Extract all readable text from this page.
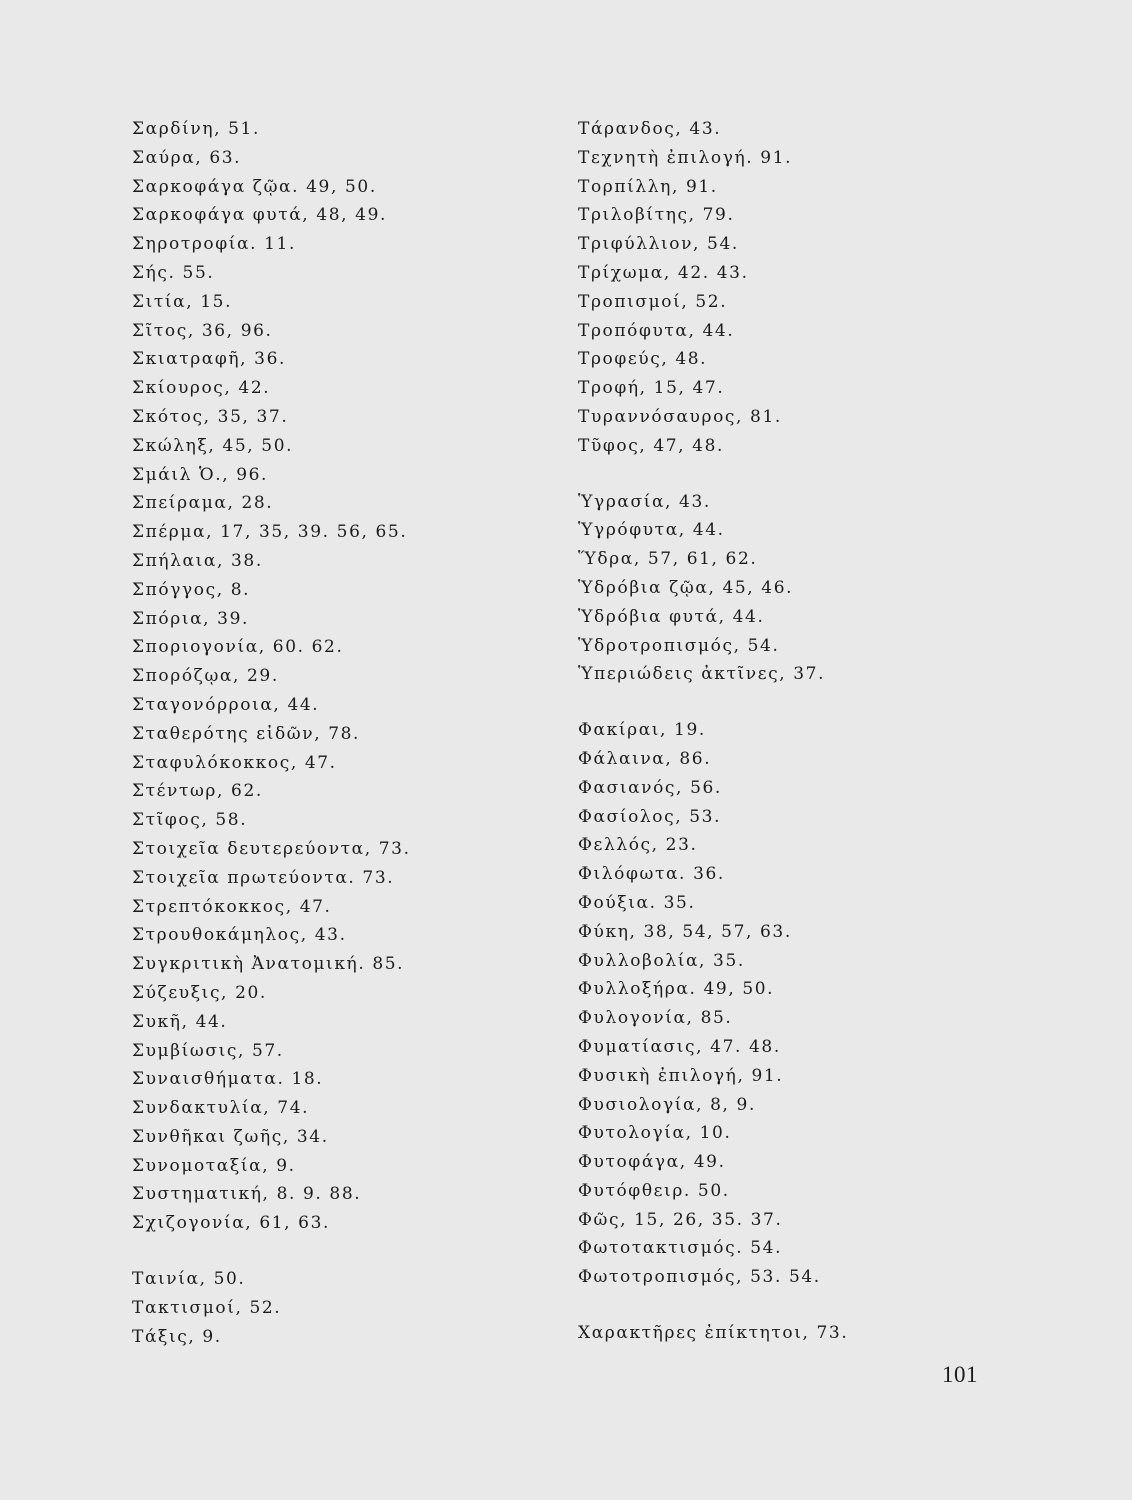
Σαρδίνη, 51.
Σαύρα, 63.
Σαρκοφάγα ζῷα. 49, 50.
Σαρκοφάγα φυτά, 48, 49.
Σηροτροφία. 11.
Σής. 55.
Σιτία, 15.
Σῖτος, 36, 96.
Σκιατραφῆ, 36.
Σκίουρος, 42.
Σκότος, 35, 37.
Σκώληξ, 45, 50.
Σμάιλ Ὁ., 96.
Σπείραμα, 28.
Σπέρμα, 17, 35, 39. 56, 65.
Σπήλαια, 38.
Σπόγγος, 8.
Σπόρια, 39.
Σποριογονία, 60. 62.
Σπορόζῳα, 29.
Σταγονόρροια, 44.
Σταθερότης εἰδῶν, 78.
Σταφυλόκοκκος, 47.
Στέντωρ, 62.
Στῖφος, 58.
Στοιχεῖα δευτερεύοντα, 73.
Στοιχεῖα πρωτεύοντα. 73.
Στρεπτόκοκκος, 47.
Στρουθοκάμηλος, 43.
Συγκριτικὴ Ἀνατομική. 85.
Σύζευξις, 20.
Συκῆ, 44.
Συμβίωσις, 57.
Συναισθήματα. 18.
Συνδακτυλία, 74.
Συνθῆκαι ζωῆς, 34.
Συνομοταξία, 9.
Συστηματική, 8. 9. 88.
Σχιζογονία, 61, 63.
Ταινία, 50.
Τακτισμοί, 52.
Τάξις, 9.
Τάρανδος, 43.
Τεχνητὴ ἐπιλογή. 91.
Τορπίλλη, 91.
Τριλοβίτης, 79.
Τριφύλλιον, 54.
Τρίχωμα, 42. 43.
Τροπισμοί, 52.
Τροπόφυτα, 44.
Τροφεύς, 48.
Τροφή, 15, 47.
Τυραννόσαυρος, 81.
Τῦφος, 47, 48.
Ὑγρασία, 43.
Ὑγρόφυτα, 44.
Ὕδρα, 57, 61, 62.
Ὑδρόβια ζῷα, 45, 46.
Ὑδρόβια φυτά, 44.
Ὑδροτροπισμός, 54.
Ὑπεριώδεις ἀκτῖνες, 37.
Φακίραι, 19.
Φάλαινα, 86.
Φασιανός, 56.
Φασίολος, 53.
Φελλός, 23.
Φιλόφωτα. 36.
Φούξια. 35.
Φύκη, 38, 54, 57, 63.
Φυλλοβολία, 35.
Φυλλοξήρα. 49, 50.
Φυλογονία, 85.
Φυματίασις, 47. 48.
Φυσικὴ ἐπιλογή, 91.
Φυσιολογία, 8, 9.
Φυτολογία, 10.
Φυτοφάγα, 49.
Φυτόφθειρ. 50.
Φῶς, 15, 26, 35. 37.
Φωτοτακτισμός. 54.
Φωτοτροπισμός, 53. 54.
Χαρακτῆρες ἐπίκτητοι, 73.
101
